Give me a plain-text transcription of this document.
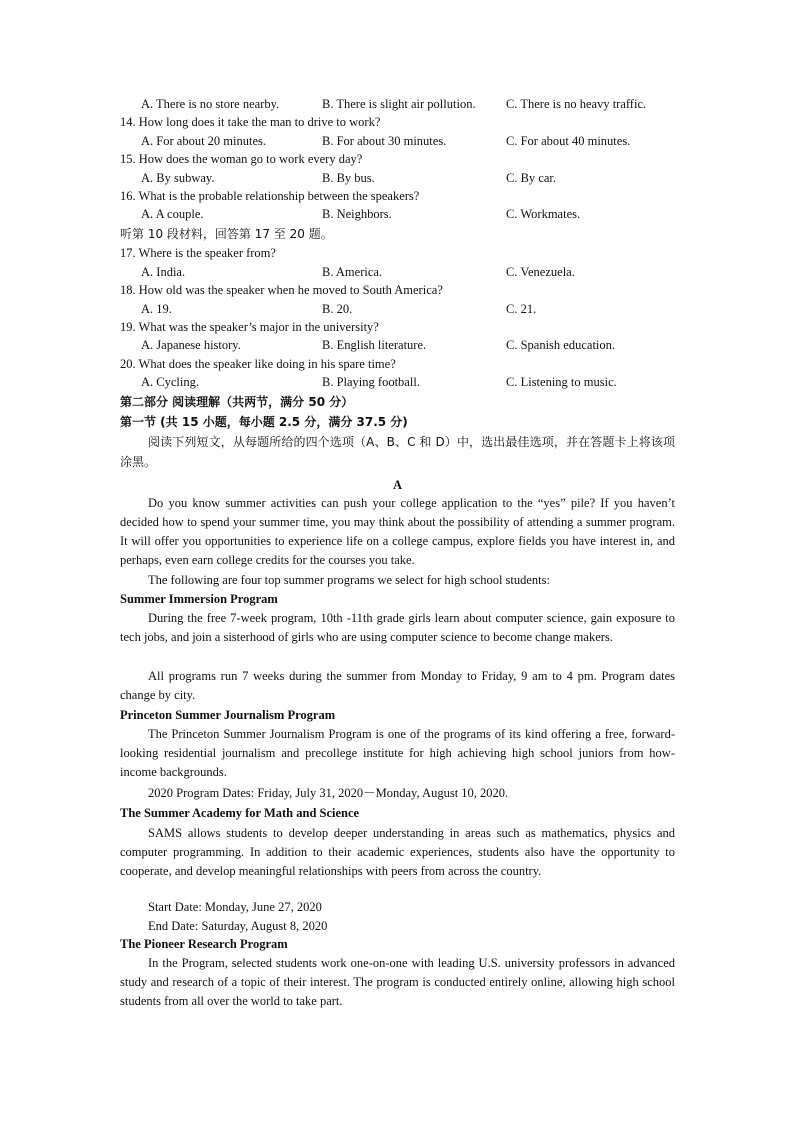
A. There is no store nearby.	B. There is slight air pollution. C. There is no heavy traffic.
14. How long does it take the man to drive to work?
A. For about 20 minutes.	B. For about 30 minutes.	C. For about 40 minutes.
15. How does the woman go to work every day?
A. By subway.	B. By bus.	C. By car.
16. What is the probable relationship between the speakers?
A. A couple.	B. Neighbors.	C. Workmates.
听第 10 段材料，回答第 17 至 20 题。
17. Where is the speaker from?
A. India.	B. America.	C. Venezuela.
18. How old was the speaker when he moved to South America?
A. 19.	B. 20.	C. 21.
19. What was the speaker’s major in the university?
A. Japanese history.	B. English literature.	C. Spanish education.
20. What does the speaker like doing in his spare time?
A. Cycling.	B. Playing football.	C. Listening to music.
第二部分 阅读理解（共两节，满分 50 分）
第一节 (共 15 小题，每小题 2.5 分，满分 37.5 分)
阅读下列短文，从每题所给的四个选项（A、B、C 和 D）中，选出最佳选项，并在答题卡上将该项涂黑。
A
Do you know summer activities can push your college application to the “yes” pile? If you haven’t decided how to spend your summer time, you may think about the possibility of attending a summer program. It will offer you opportunities to experience life on a college campus, explore fields you have interest in, and perhaps, even earn college credits for the courses you take.
The following are four top summer programs we select for high school students:
Summer Immersion Program
During the free 7-week program, 10th -11th grade girls learn about computer science, gain exposure to tech jobs, and join a sisterhood of girls who are using computer science to become change makers.
All programs run 7 weeks during the summer from Monday to Friday, 9 am to 4 pm. Program dates change by city.
Princeton Summer Journalism Program
The Princeton Summer Journalism Program is one of the programs of its kind offering a free, forward-looking residential journalism and precollege institute for high achieving high school juniors from how-income backgrounds.
2020 Program Dates: Friday, July 31, 2020－Monday, August 10, 2020.
The Summer Academy for Math and Science
SAMS allows students to develop deeper understanding in areas such as mathematics, physics and computer programming. In addition to their academic experiences, students also have the opportunity to cooperate, and develop meaningful relationships with peers from across the country.
Start Date: Monday, June 27, 2020
End Date: Saturday, August 8, 2020
The Pioneer Research Program
In the Program, selected students work one-on-one with leading U.S. university professors in advanced study and research of a topic of their interest. The program is conducted entirely online, allowing high school students from all over the world to take part.
